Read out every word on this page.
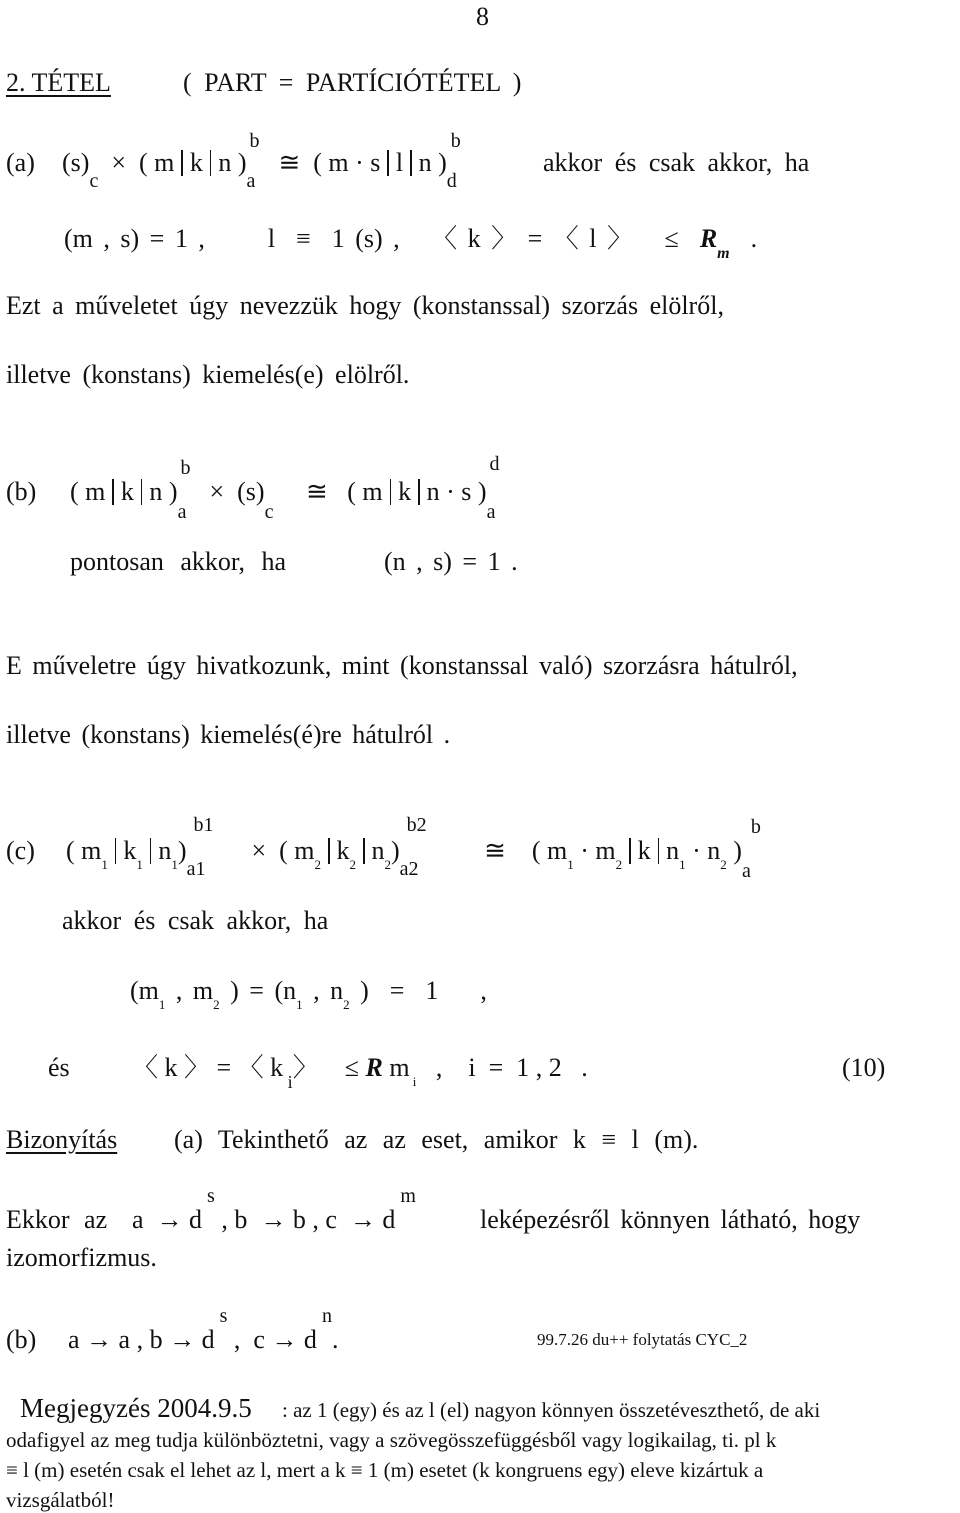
8
2. TÉTEL	( PART = PARTÍCIÓTÉTEL )
(a) $(s)_c$  ×  ( m k n )$_a^b$  ≅  ( m · s l n )$_d^b$
akkor és csak akkor, ha
(m , s) = 1 ,      l  ≡  1 (s) ,   〈 k 〉 = 〈 l 〉   ≤  $R_m$  .
Ezt a műveletet úgy nevezzük hogy (konstanssal) szorzás elölről,
illetve (konstans) kiemelés(e) elölről.
(b) ( m k n )$_a^b \times (s)_c$     ≅   ( m k n · s )$_a^d$
pontosan akkor, ha	(n , s) = 1 .
E műveletre úgy hivatkozunk, mint (konstanssal való) szorzásra hátulról,
illetve (konstans) kiemelés(é)re hátulról .
(c) ( $m_1$ $k_1$ $n_1)_{a1}^{b1}$    ×  ( $m_2$ $k_2$ $n_2)_{a2}^{b2}$       ≅    ( $m_1 \cdot m_2$ k $n_1 \cdot n_2$ )$_a^b$
akkor és csak akkor, ha
($m_1$ , $m_2$ ) = ($n_1$ , $n_2$ )  =  1    ,
és 〈 k 〉 = 〈 k $_i$〉    ≤ R m $_i$   ,    i  =  1 , 2   .	(10)
Bizonyítás (a) Tekinthető az az eset, amikor k ≡ l (m).
Ekkor az a  → d $^s$ , b  → b , c  → d $^m$
leképezésről könnyen látható, hogy
izomorfizmus.
(b) a → a , b → d $^s$ ,  c → d $^n$.	99.7.26 du++ folytatás CYC_2
Megjegyzés 2004.9.5 : az 1 (egy) és az l (el) nagyon könnyen összetéveszthető, de aki
odafigyel az meg tudja különböztetni, vagy a szövegösszefüggésből vagy logikailag, ti. pl k
≡ l (m) esetén csak el lehet az l, mert a k ≡ 1 (m) esetet (k kongruens egy) eleve kizártuk a
vizsgálatból!
